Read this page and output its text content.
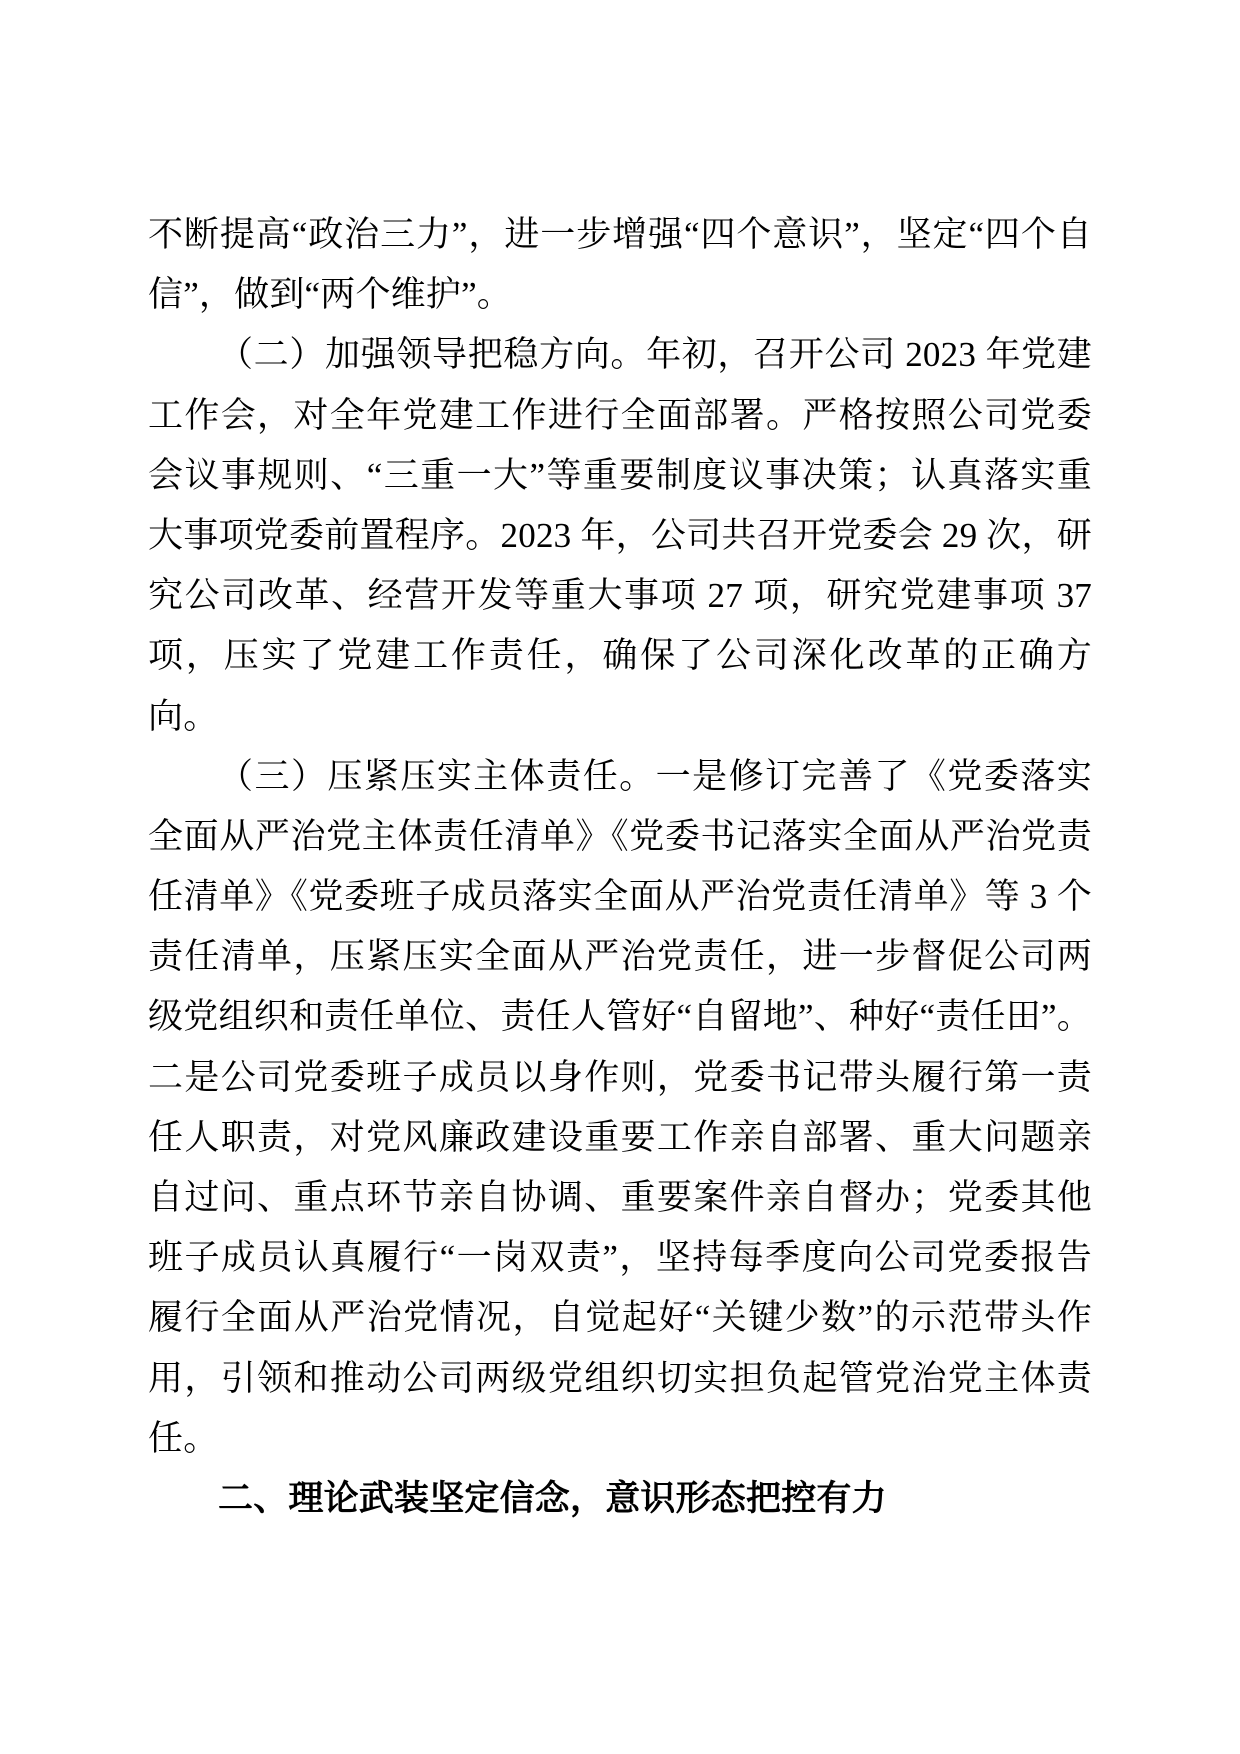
不断提高“政治三力”，进一步增强“四个意识”，坚定“四个自信”，做到“两个维护”。

（二）加强领导把稳方向。年初，召开公司 2023 年党建工作会，对全年党建工作进行全面部署。严格按照公司党委会议事规则、“三重一大”等重要制度议事决策；认真落实重大事项党委前置程序。2023 年，公司共召开党委会 29 次，研究公司改革、经营开发等重大事项 27 项，研究党建事项 37 项，压实了党建工作责任，确保了公司深化改革的正确方向。

（三）压紧压实主体责任。一是修订完善了《党委落实全面从严治党主体责任清单》《党委书记落实全面从严治党责任清单》《党委班子成员落实全面从严治党责任清单》等 3 个责任清单，压紧压实全面从严治党责任，进一步督促公司两级党组织和责任单位、责任人管好“自留地”、种好“责任田”。二是公司党委班子成员以身作则，党委书记带头履行第一责任人职责，对党风廉政建设重要工作亲自部署、重大问题亲自过问、重点环节亲自协调、重要案件亲自督办；党委其他班子成员认真履行“一岗双责”，坚持每季度向公司党委报告履行全面从严治党情况，自觉起好“关键少数”的示范带头作用，引领和推动公司两级党组织切实担负起管党治党主体责任。

二、理论武装坚定信念，意识形态把控有力
